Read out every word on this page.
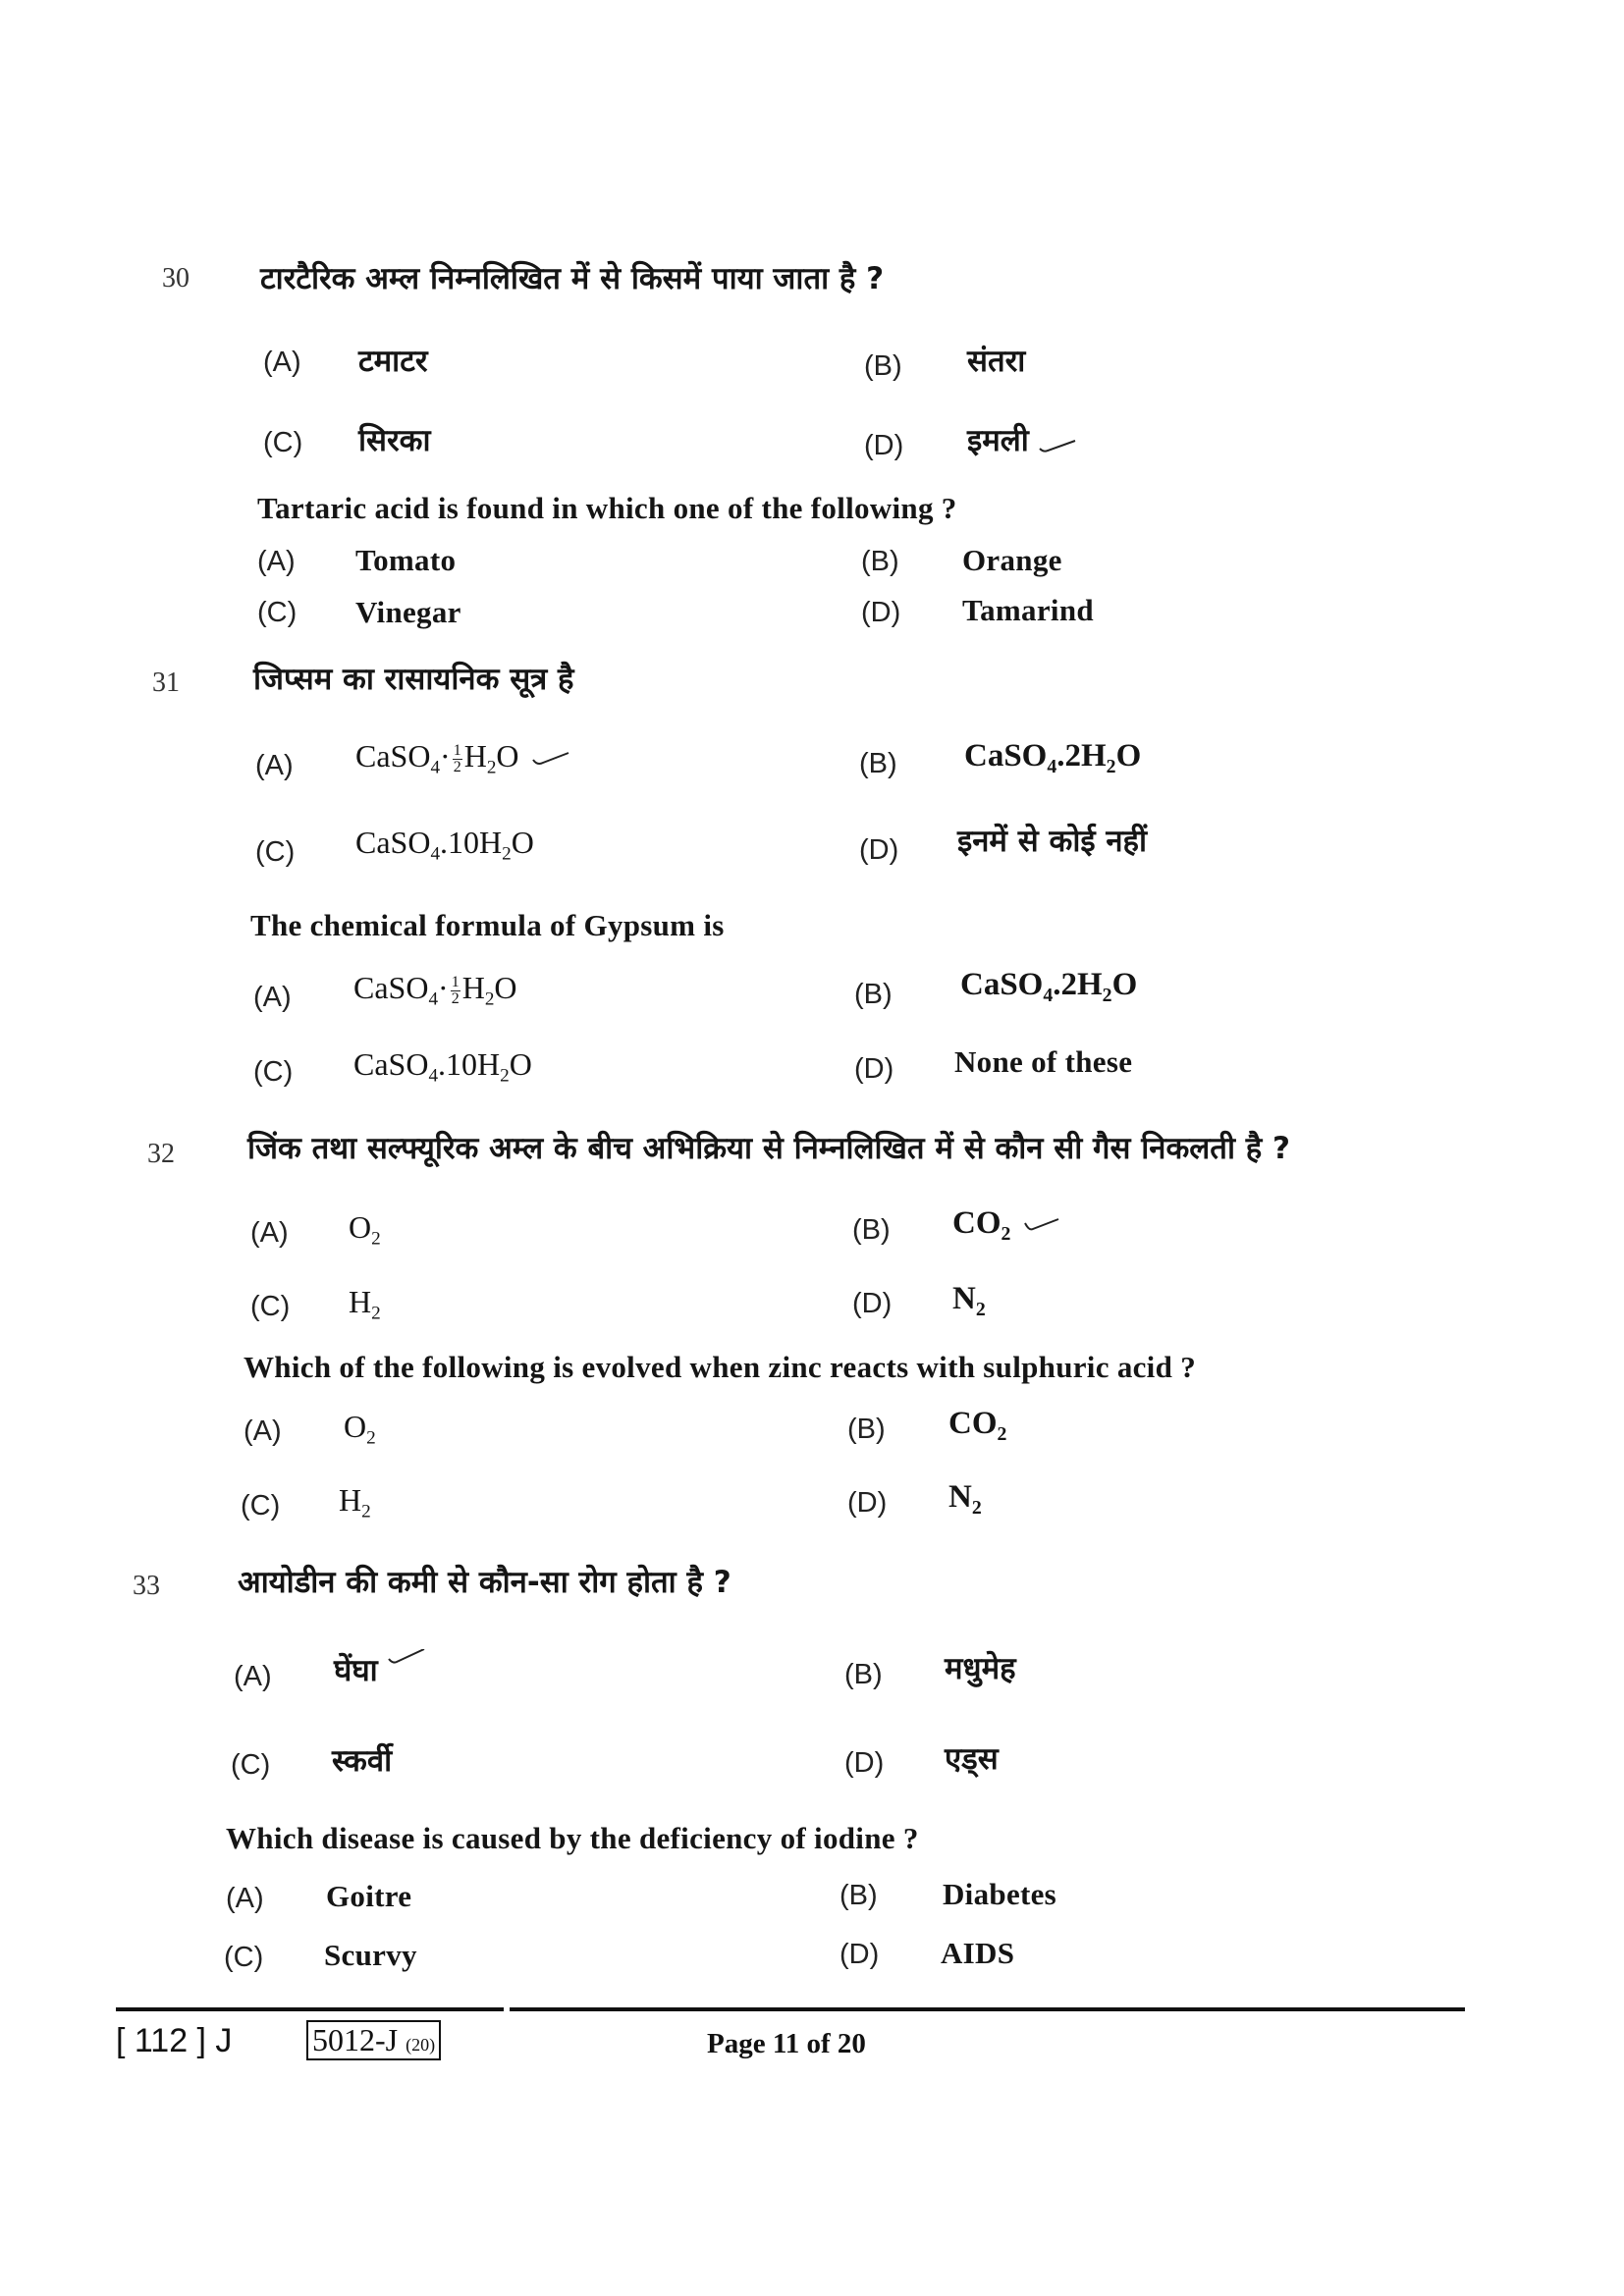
30 टारटैरिक अम्ल निम्नलिखित में से किसमें पाया जाता है ?
(A) टमाटर	(B) संतरा
(C) सिरका	(D) इमली
Tartaric acid is found in which one of the following ?
(A) Tomato	(B) Orange
(C) Vinegar	(D) Tamarind
31 जिप्सम का रासायनिक सूत्र है
(A) CaSO$_4$· $\frac{1}{2} H_2O$	(B) $CaSO_4.2H_2O$
(C) $CaSO_4.10H_2O$	(D) इनमें से कोई नहीं
The chemical formula of Gypsum is
(A) CaSO$_4$· $\frac{1}{2} H_2O$	(B) $CaSO_4.2H_2O$
(C) $CaSO_4.10H_2O$	(D) None of these
32 जिंक तथा सल्फ्यूरिक अम्ल के बीच अभिक्रिया से निम्नलिखित में से कौन सी गैस निकलती है ?
(A) $O_2$	(B) $CO_2$
(C) $H_2$	(D) $N_2$
Which of the following is evolved when zinc reacts with sulphuric acid ?
(A) $O_2$	(B) $CO_2$
(C) $H_2$	(D) $N_2$
33	आयोडीन की कमी से कौन-सा रोग होता है ?
(A) घेंघा	(B) मधुमेह
(C) स्कर्वी	(D) एड्स
Which disease is caused by the deficiency of iodine ?
(A) Goitre	(B) Diabetes
(C) Scurvy	(D) AIDS
[ 112 ] J	5012-J (20)	Page 11 of 20
